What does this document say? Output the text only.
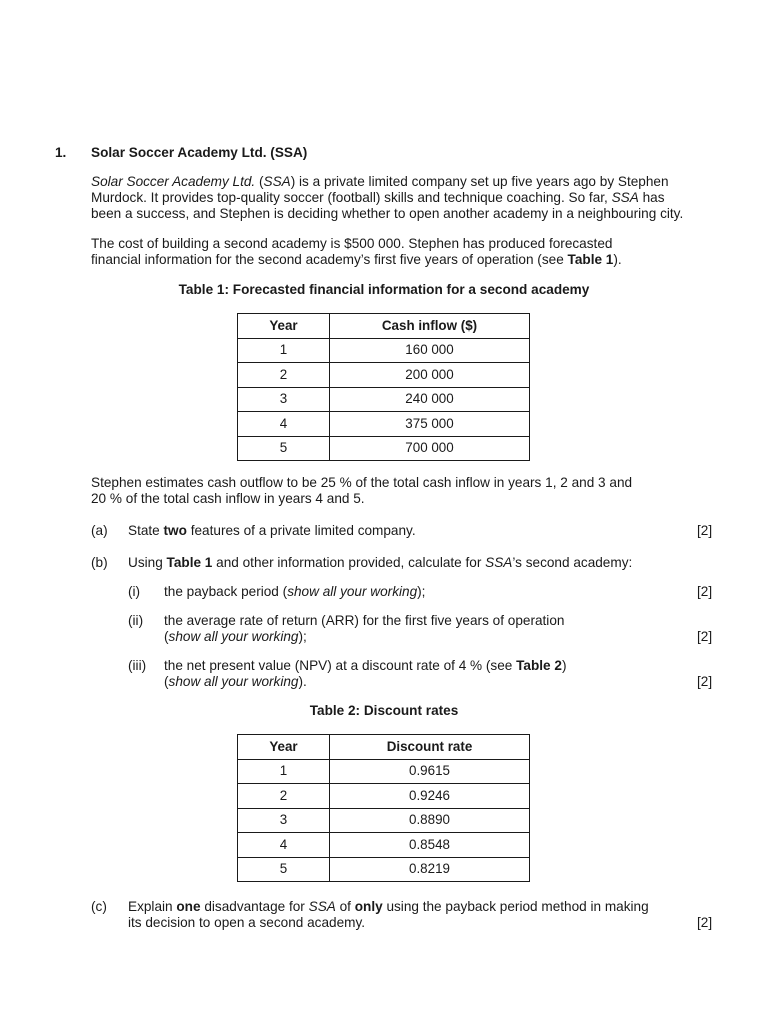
1. Solar Soccer Academy Ltd. (SSA)
Solar Soccer Academy Ltd. (SSA) is a private limited company set up five years ago by Stephen
Murdock. It provides top-quality soccer (football) skills and technique coaching. So far, SSA has
been a success, and Stephen is deciding whether to open another academy in a neighbouring city.
The cost of building a second academy is $500 000. Stephen has produced forecasted
financial information for the second academy’s first five years of operation (see Table 1).
Table 1: Forecasted financial information for a second academy
Year	Cash inflow ($)
1	160 000
2	200 000
3	240 000
4	375 000
5	700 000
Stephen estimates cash outflow to be 25 % of the total cash inflow in years 1, 2 and 3 and
20 % of the total cash inflow in years 4 and 5.
(a) State two features of a private limited company.	[2]
(b) Using Table 1 and other information provided, calculate for SSA’s second academy:
(i) the payback period (show all your working);	[2]
(ii) the average rate of return (ARR) for the first five years of operation
(show all your working);	[2]
(iii) the net present value (NPV) at a discount rate of 4 % (see Table 2)
(show all your working).	[2]
Table 2: Discount rates
Year	Discount rate
1	0.9615
2	0.9246
3	0.8890
4	0.8548
5	0.8219
(c) Explain one disadvantage for SSA of only using the payback period method in making
its decision to open a second academy.	[2]
